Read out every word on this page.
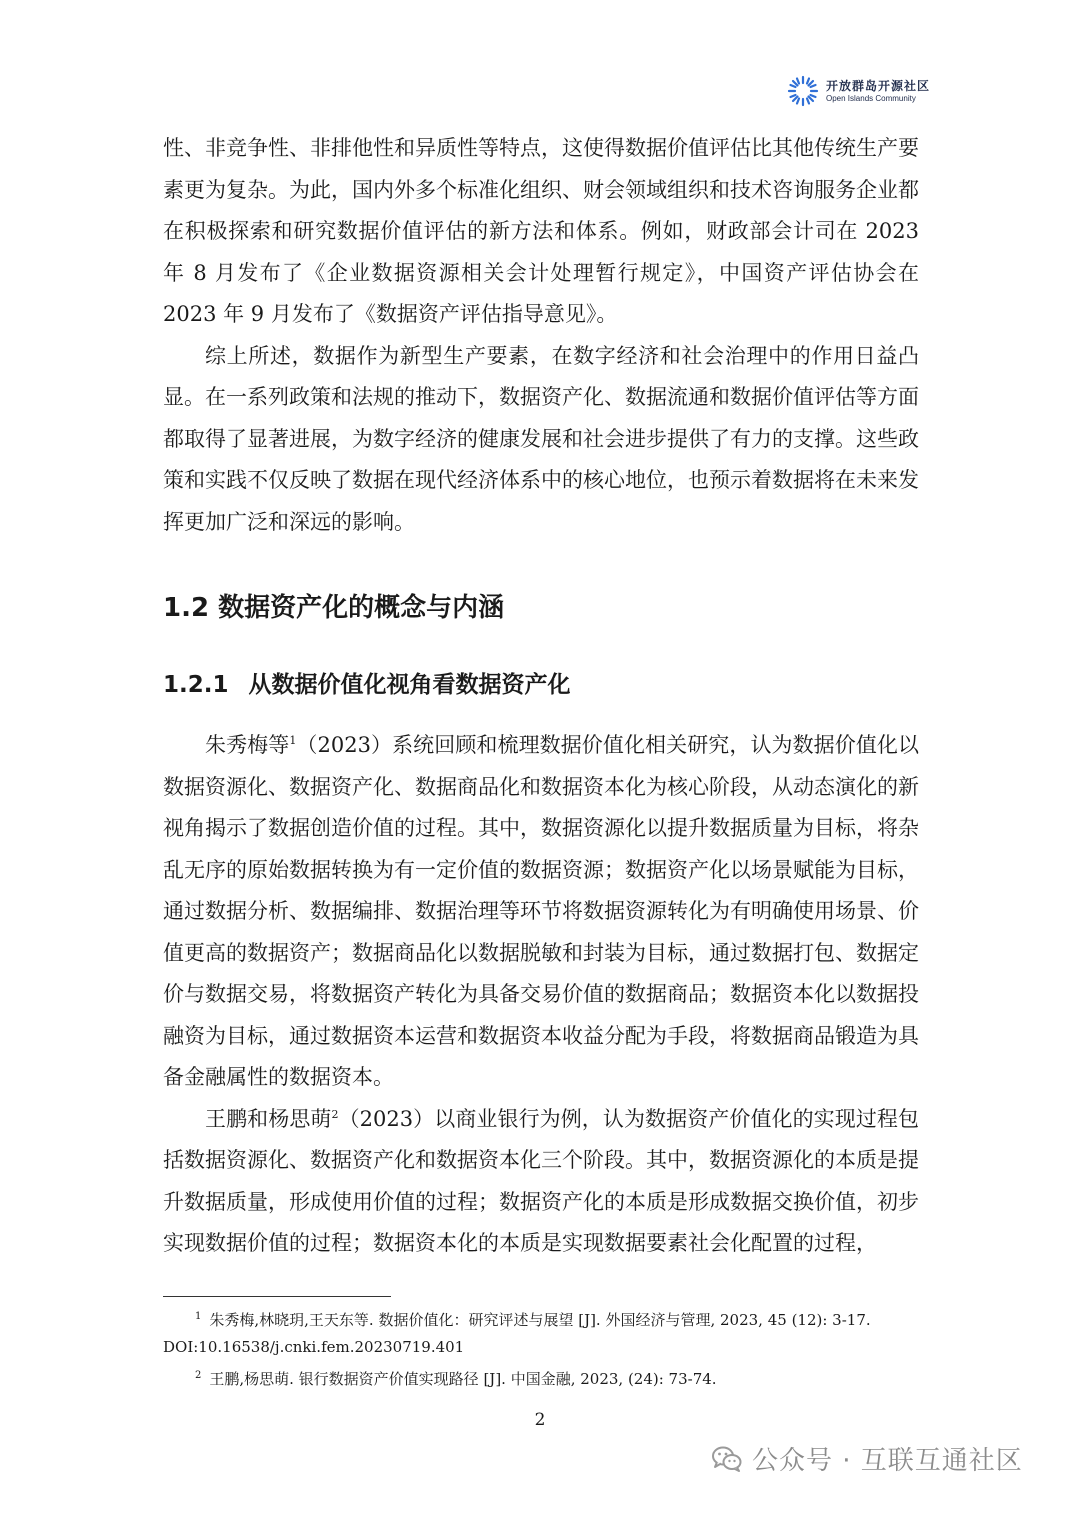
开放群岛开源社区
Open Islands Community

性、非竞争性、非排他性和异质性等特点，这使得数据价值评估比其他传统生产要素更为复杂。为此，国内外多个标准化组织、财会领域组织和技术咨询服务企业都在积极探索和研究数据价值评估的新方法和体系。例如，财政部会计司在 2023 年 8 月发布了《企业数据资源相关会计处理暂行规定》，中国资产评估协会在 2023 年 9 月发布了《数据资产评估指导意见》。

综上所述，数据作为新型生产要素，在数字经济和社会治理中的作用日益凸显。在一系列政策和法规的推动下，数据资产化、数据流通和数据价值评估等方面都取得了显著进展，为数字经济的健康发展和社会进步提供了有力的支撑。这些政策和实践不仅反映了数据在现代经济体系中的核心地位，也预示着数据将在未来发挥更加广泛和深远的影响。

1.2 数据资产化的概念与内涵
1.2.1 从数据价值化视角看数据资产化

朱秀梅等$^1$（2023）系统回顾和梳理数据价值化相关研究，认为数据价值化以数据资源化、数据资产化、数据商品化和数据资本化为核心阶段，从动态演化的新视角揭示了数据创造价值的过程。其中，数据资源化以提升数据质量为目标，将杂乱无序的原始数据转换为有一定价值的数据资源；数据资产化以场景赋能为目标，通过数据分析、数据编排、数据治理等环节将数据资源转化为有明确使用场景、价值更高的数据资产；数据商品化以数据脱敏和封装为目标，通过数据打包、数据定价与数据交易，将数据资产转化为具备交易价值的数据商品；数据资本化以数据投融资为目标，通过数据资本运营和数据资本收益分配为手段，将数据商品锻造为具备金融属性的数据资本。

王鹏和杨思萌$^2$（2023）以商业银行为例，认为数据资产价值化的实现过程包括数据资源化、数据资产化和数据资本化三个阶段。其中，数据资源化的本质是提升数据质量，形成使用价值的过程；数据资产化的本质是形成数据交换价值，初步实现数据价值的过程；数据资本化的本质是实现数据要素社会化配置的过程，

$^1$ 朱秀梅,林晓玥,王天东等. 数据价值化：研究评述与展望 [J]. 外国经济与管理, 2023, 45 (12): 3-17. DOI:10.16538/j.cnki.fem.20230719.401

$^2$ 王鹏,杨思萌. 银行数据资产价值实现路径 [J]. 中国金融, 2023, (24): 73-74.

2
公众号 · 互联互通社区
